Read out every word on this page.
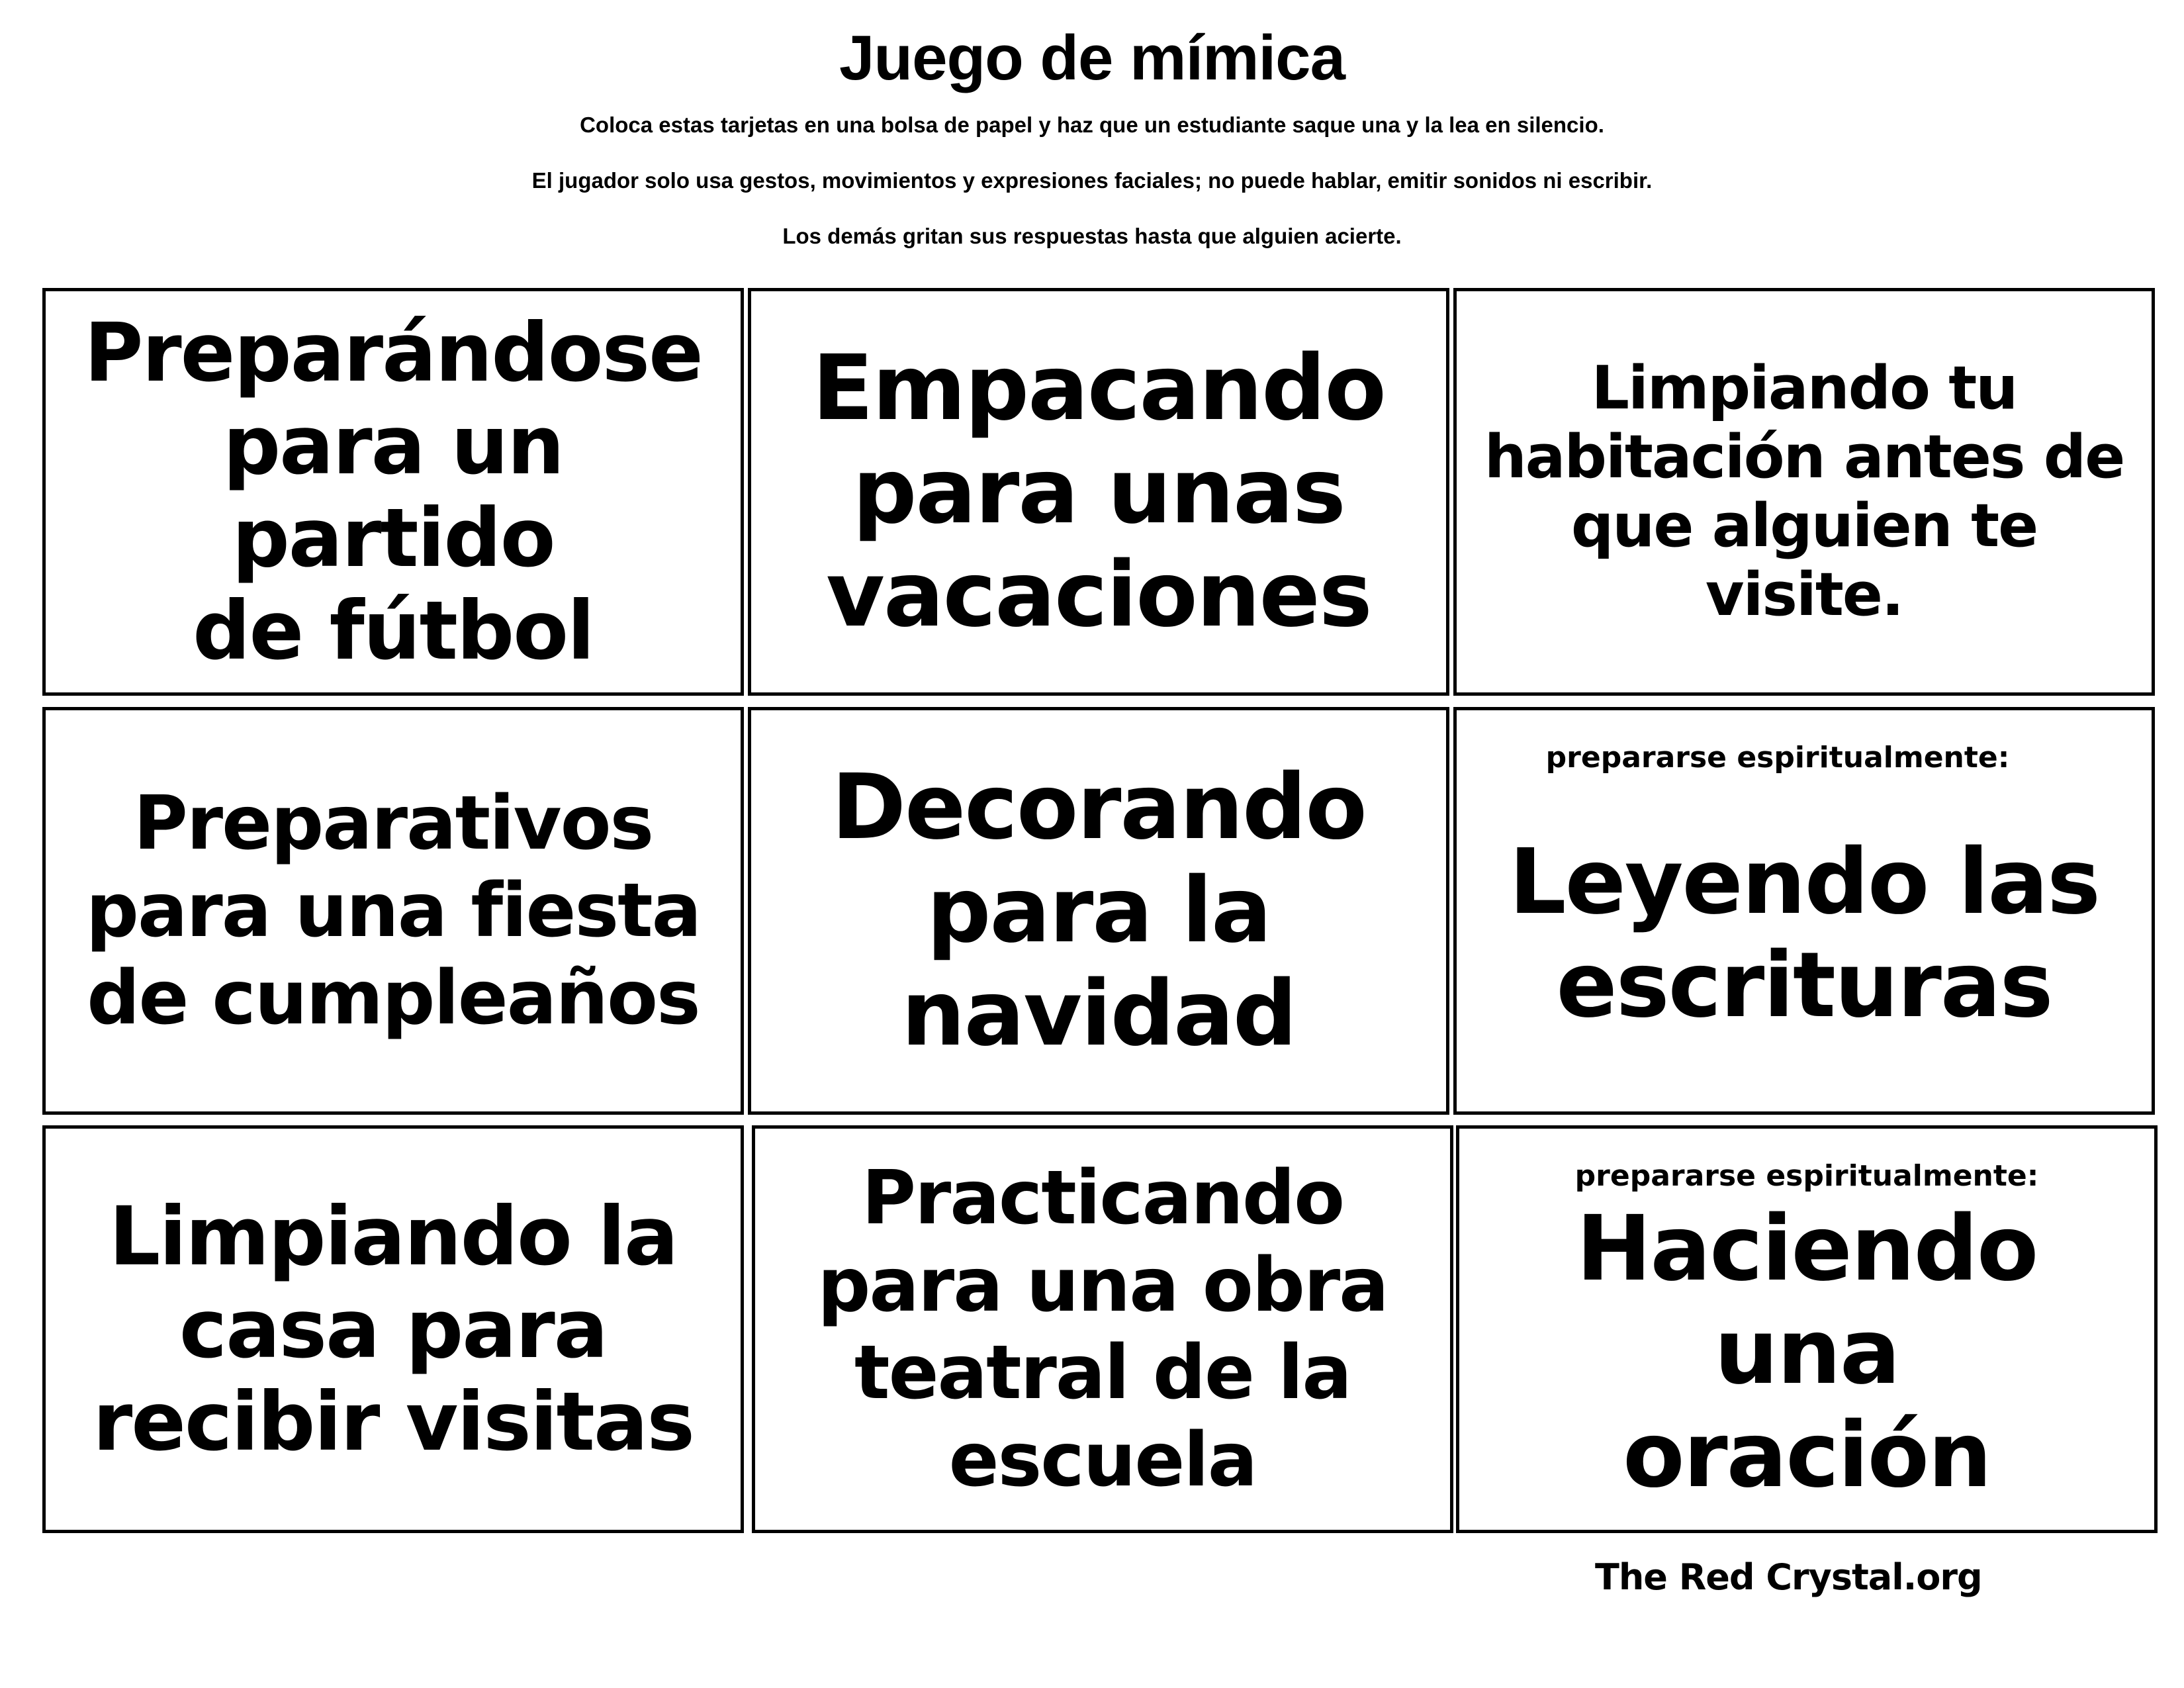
Juego de mímica
Coloca estas tarjetas en una bolsa de papel y haz que un estudiante saque una y la lea en silencio.
El jugador solo usa gestos, movimientos y expresiones faciales; no puede hablar, emitir sonidos ni escribir.
Los demás gritan sus respuestas hasta que alguien acierte.
Preparándose
para un partido
de fútbol
Empacando
para unas
vacaciones
Limpiando tu
habitación antes de
que alguien te visite.
Preparativos
para una fiesta
de cumpleaños
Decorando
para la
navidad
prepararse espiritualmente:
Leyendo las
escrituras
Limpiando la
casa para
recibir visitas
Practicando
para una obra
teatral de la
escuela
prepararse espiritualmente:
Haciendo una
oración
The Red Crystal.org
